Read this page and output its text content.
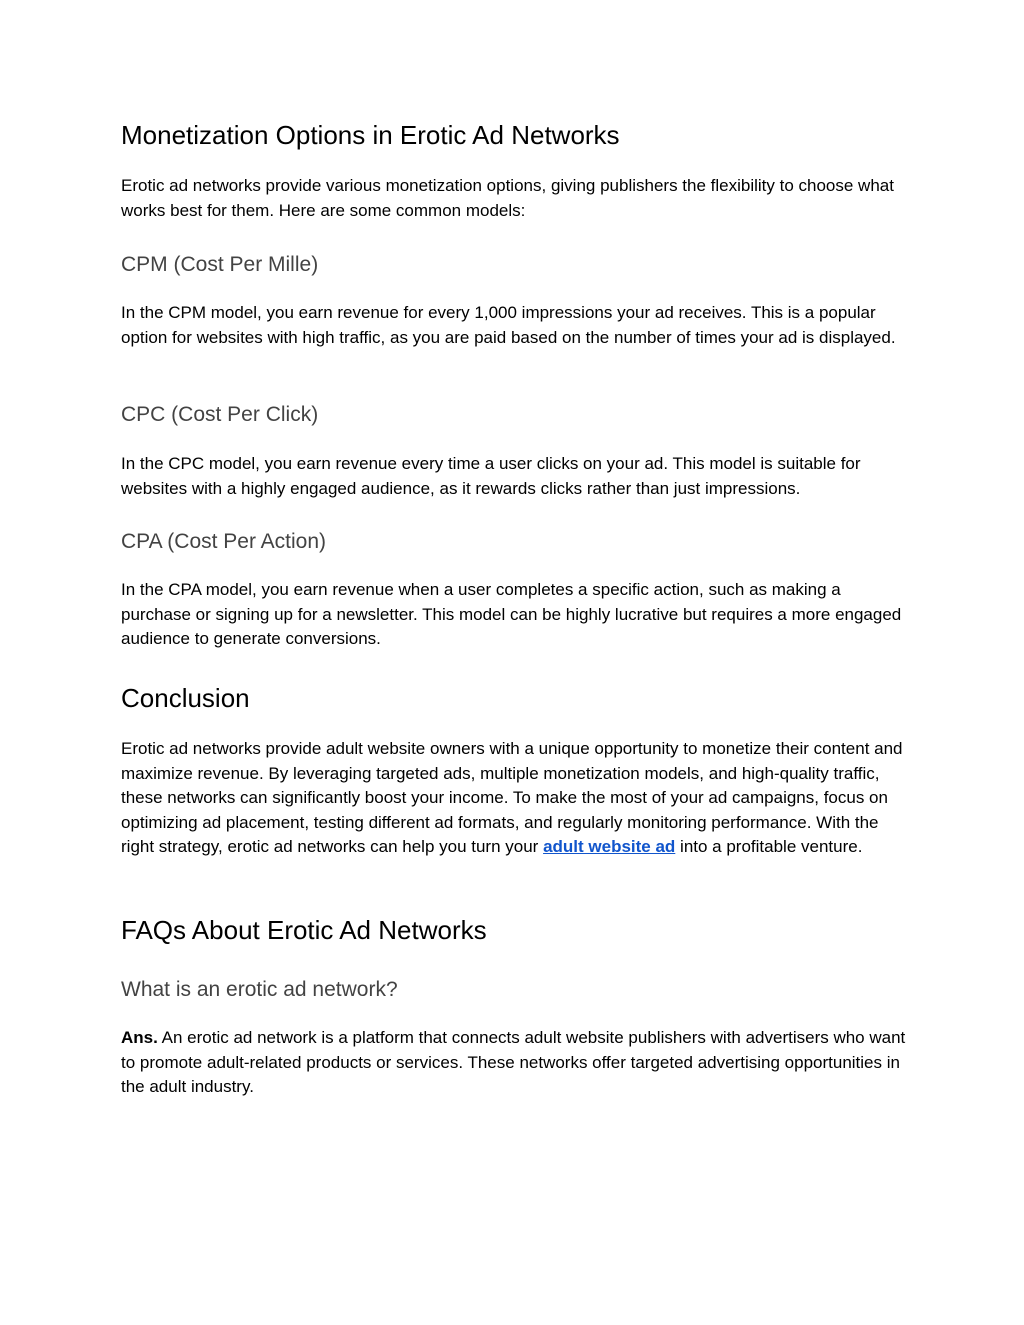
Monetization Options in Erotic Ad Networks

Erotic ad networks provide various monetization options, giving publishers the flexibility to choose what works best for them. Here are some common models:

CPM (Cost Per Mille)

In the CPM model, you earn revenue for every 1,000 impressions your ad receives. This is a popular option for websites with high traffic, as you are paid based on the number of times your ad is displayed.

CPC (Cost Per Click)

In the CPC model, you earn revenue every time a user clicks on your ad. This model is suitable for websites with a highly engaged audience, as it rewards clicks rather than just impressions.

CPA (Cost Per Action)

In the CPA model, you earn revenue when a user completes a specific action, such as making a purchase or signing up for a newsletter. This model can be highly lucrative but requires a more engaged audience to generate conversions.

Conclusion

Erotic ad networks provide adult website owners with a unique opportunity to monetize their content and maximize revenue. By leveraging targeted ads, multiple monetization models, and high-quality traffic, these networks can significantly boost your income. To make the most of your ad campaigns, focus on optimizing ad placement, testing different ad formats, and regularly monitoring performance. With the right strategy, erotic ad networks can help you turn your adult website ad into a profitable venture.

FAQs About Erotic Ad Networks
What is an erotic ad network?

Ans. An erotic ad network is a platform that connects adult website publishers with advertisers who want to promote adult-related products or services. These networks offer targeted advertising opportunities in the adult industry.
